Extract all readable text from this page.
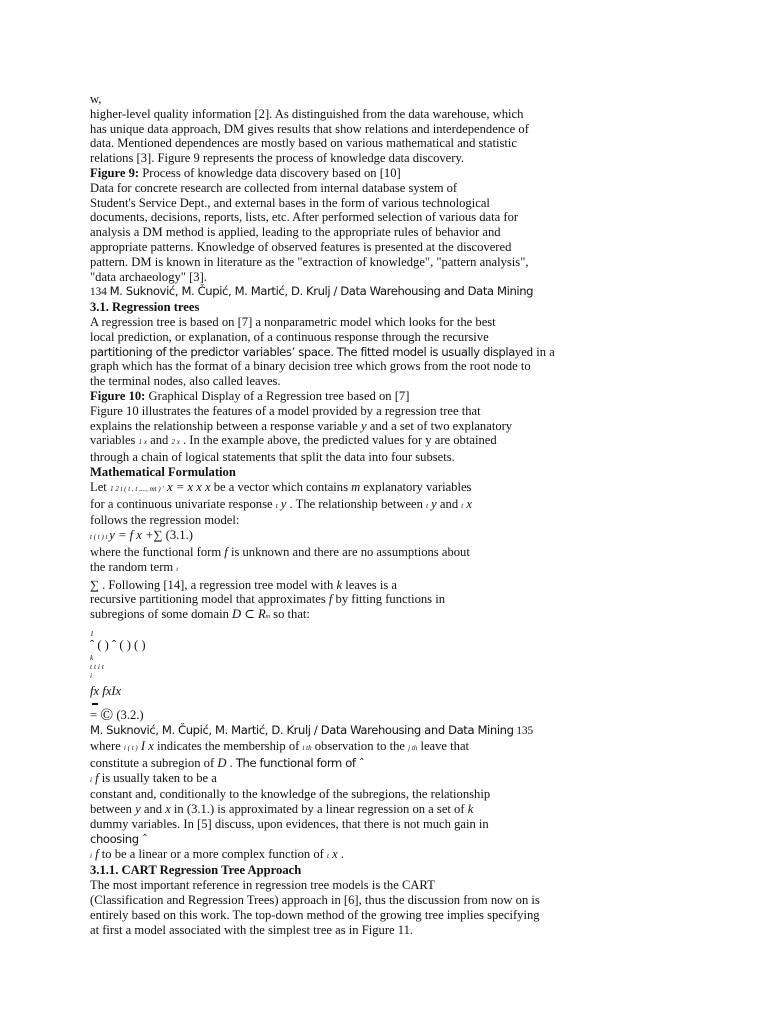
w,
higher-level quality information [2]. As distinguished from the data warehouse, which
has unique data approach, DM gives results that show relations and interdependence of
data. Mentioned dependences are mostly based on various mathematical and statistic
relations [3]. Figure 9 represents the process of knowledge data discovery.
Figure 9: Process of knowledge data discovery based on [10]
Data for concrete research are collected from internal database system of
Student's Service Dept., and external bases in the form of various technological
documents, decisions, reports, lists, etc. After performed selection of various data for
analysis a DM method is applied, leading to the appropriate rules of behavior and
appropriate patterns. Knowledge of observed features is presented at the discovered
pattern. DM is known in literature as the "extraction of knowledge", "pattern analysis",
"data archaeology" [3].
134 M. Suknović, M. Čupić, M. Martić, D. Krulj / Data Warehousing and Data Mining
3.1. Regression trees
A regression tree is based on [7] a nonparametric model which looks for the best
local prediction, or explanation, of a continuous response through the recursive
partitioning of the predictor variables’ space. The fitted model is usually displayed in a
graph which has the format of a binary decision tree which grows from the root node to
the terminal nodes, also called leaves.
Figure 10: Graphical Display of a Regression tree based on [7]
Figure 10 illustrates the features of a model provided by a regression tree that
explains the relationship between a response variable y and a set of two explanatory
variables 1 x and 2 x . In the example above, the predicted values for y are obtained
through a chain of logical statements that split the data into four subsets.
Mathematical Formulation
Let 1 2 t ( t , t ,..., mt ) ' x = x x x be a vector which contains m explanatory variables
for a continuous univariate response t y . The relationship between t y and t x
follows the regression model:
t ( t ) t y = f x +∑ (3.1.)
where the functional form f is unknown and there are no assumptions about
the random term t
∑ . Following [14], a regression tree model with k leaves is a
recursive partitioning model that approximates f by fitting functions in
subregions of some domain D ⊂ Rm so that:
1
ˆ ( ) ˆ ( ) ( )
k
t t i t
i
fx fxIx
= © (3.2.)
M. Suknović, M. Čupić, M. Martić, D. Krulj / Data Warehousing and Data Mining 135
where i ( t ) I x indicates the membership of t th observation to the j th leave that
constitute a subregion of D . The functional form of ˆ
i f is usually taken to be a
constant and, conditionally to the knowledge of the subregions, the relationship
between y and x in (3.1.) is approximated by a linear regression on a set of k
dummy variables. In [5] discuss, upon evidences, that there is not much gain in
choosing ˆ
i f to be a linear or a more complex function of t x .
3.1.1. CART Regression Tree Approach
The most important reference in regression tree models is the CART
(Classification and Regression Trees) approach in [6], thus the discussion from now on is
entirely based on this work. The top-down method of the growing tree implies specifying
at first a model associated with the simplest tree as in Figure 11.
